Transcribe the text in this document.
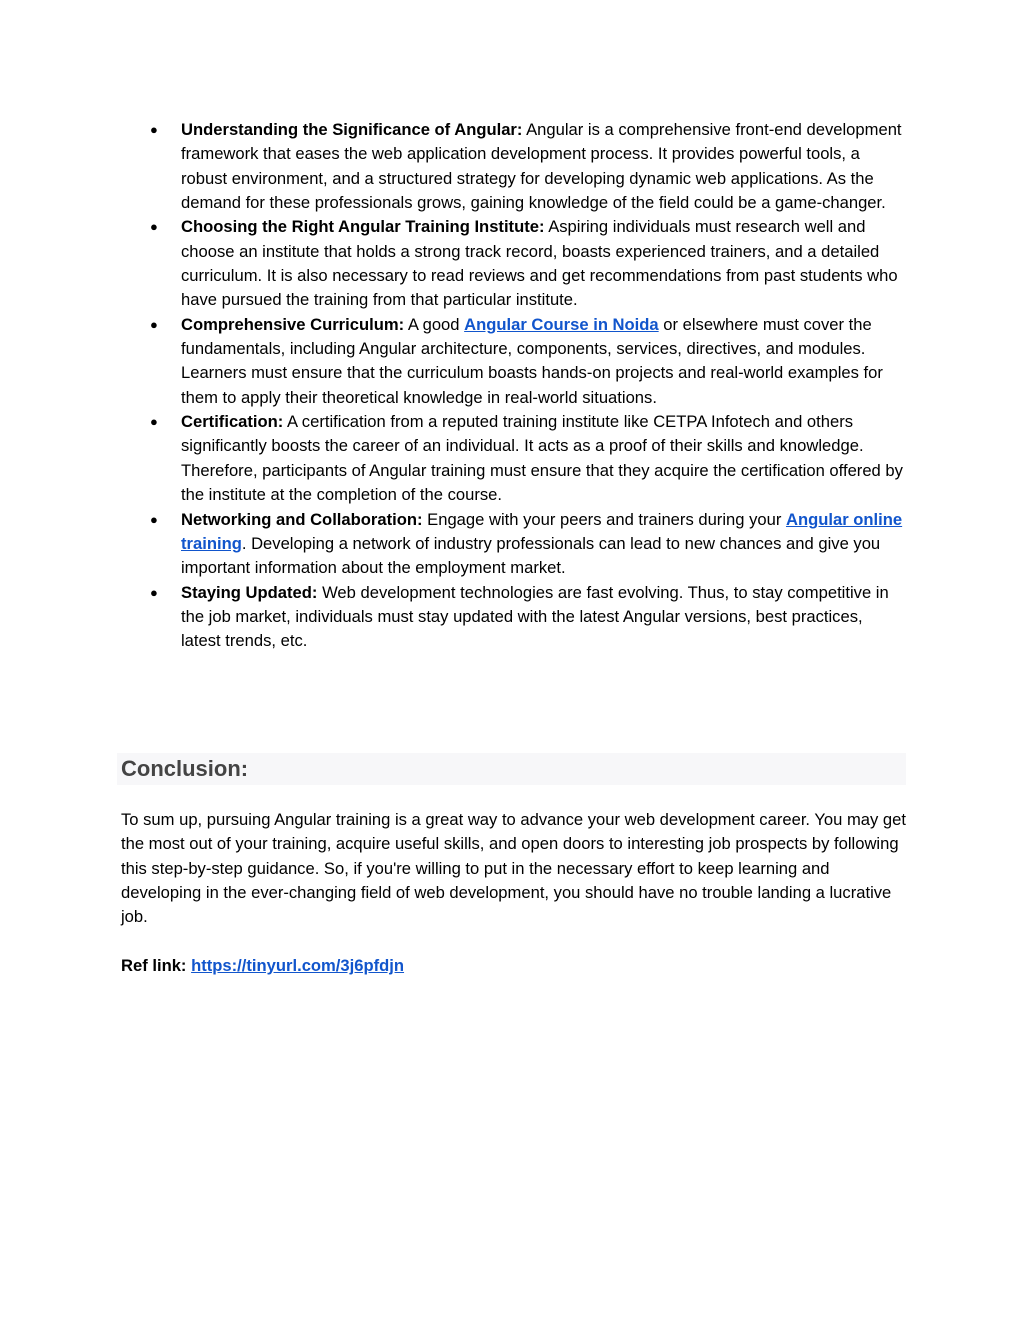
● Understanding the Significance of Angular: Angular is a comprehensive front-end development framework that eases the web application development process. It provides powerful tools, a robust environment, and a structured strategy for developing dynamic web applications. As the demand for these professionals grows, gaining knowledge of the field could be a game-changer.
● Choosing the Right Angular Training Institute: Aspiring individuals must research well and choose an institute that holds a strong track record, boasts experienced trainers, and a detailed curriculum. It is also necessary to read reviews and get recommendations from past students who have pursued the training from that particular institute.
● Comprehensive Curriculum: A good Angular Course in Noida or elsewhere must cover the fundamentals, including Angular architecture, components, services, directives, and modules. Learners must ensure that the curriculum boasts hands-on projects and real-world examples for them to apply their theoretical knowledge in real-world situations.
● Certification: A certification from a reputed training institute like CETPA Infotech and others significantly boosts the career of an individual. It acts as a proof of their skills and knowledge. Therefore, participants of Angular training must ensure that they acquire the certification offered by the institute at the completion of the course.
● Networking and Collaboration: Engage with your peers and trainers during your Angular online training. Developing a network of industry professionals can lead to new chances and give you important information about the employment market.
● Staying Updated: Web development technologies are fast evolving. Thus, to stay competitive in the job market, individuals must stay updated with the latest Angular versions, best practices, latest trends, etc.
Conclusion:

To sum up, pursuing Angular training is a great way to advance your web development career. You may get the most out of your training, acquire useful skills, and open doors to interesting job prospects by following this step-by-step guidance. So, if you're willing to put in the necessary effort to keep learning and developing in the ever-changing field of web development, you should have no trouble landing a lucrative job.

Ref link: https://tinyurl.com/3j6pfdjn
